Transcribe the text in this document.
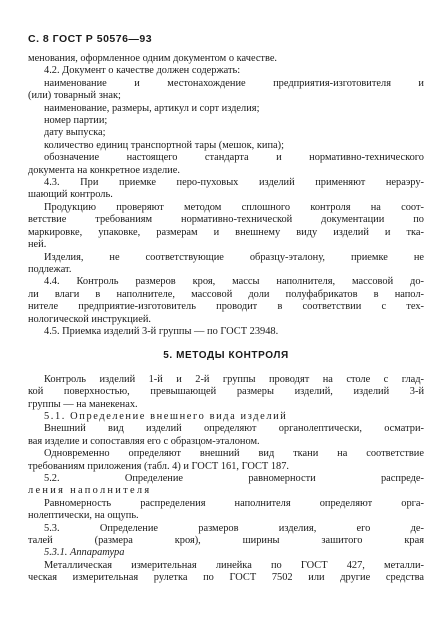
С. 8 ГОСТ Р 50576—93
менования, оформленное одним документом о качестве.
4.2. Документ о качестве должен содержать:
наименование и местонахождение предприятия-изготовителя и
(или) товарный знак;
наименование, размеры, артикул и сорт изделия;
номер партии;
дату выпуска;
количество единиц транспортной тары (мешок, кипа);
обозначение настоящего стандарта и нормативно-технического
документа на конкретное изделие.
4.3. При приемке перо-пуховых изделий применяют нераэру-
шающий контроль.
Продукцию проверяют методом сплошного контроля на соот-
ветствие требованиям нормативно-технической документации по
маркировке, упаковке, размерам и внешнему виду изделий и тка-
ней.
Изделия, не соответствующие образцу-эталону, приемке не
подлежат.
4.4. Контроль размеров кроя, массы наполнителя, массовой до-
ли влаги в наполнителе, массовой доли полуфабрикатов в напол-
нителе предприятие-изготовитель проводит в соответствии с тех-
нологической инструкцией.
4.5. Приемка изделий 3-й группы — по ГОСТ 23948.
5. МЕТОДЫ КОНТРОЛЯ
Контроль изделий 1-й и 2-й группы проводят на столе с глад-
кой поверхностью, превышающей размеры изделий, изделий 3-й
группы — на манекенах.
5.1. Определение внешнего вида изделий
Внешний вид изделий определяют органолептически, осматри-
вая изделие и сопоставляя его с образцом-эталоном.
Одновременно определяют внешний вид ткани на соответствие
требованиям приложения (табл. 4) и ГОСТ 161, ГОСТ 187.
5.2. Определение равномерности распреде-
ления наполнителя
Равномерность распределения наполнителя определяют орга-
нолептически, на ощупь.
5.3. Определение размеров изделия, его де-
талей (размера кроя), ширины зашитого края
5.3.1. Аппаратура
Металлическая измерительная линейка по ГОСТ 427, металли-
ческая измерительная рулетка по ГОСТ 7502 или другие средства
